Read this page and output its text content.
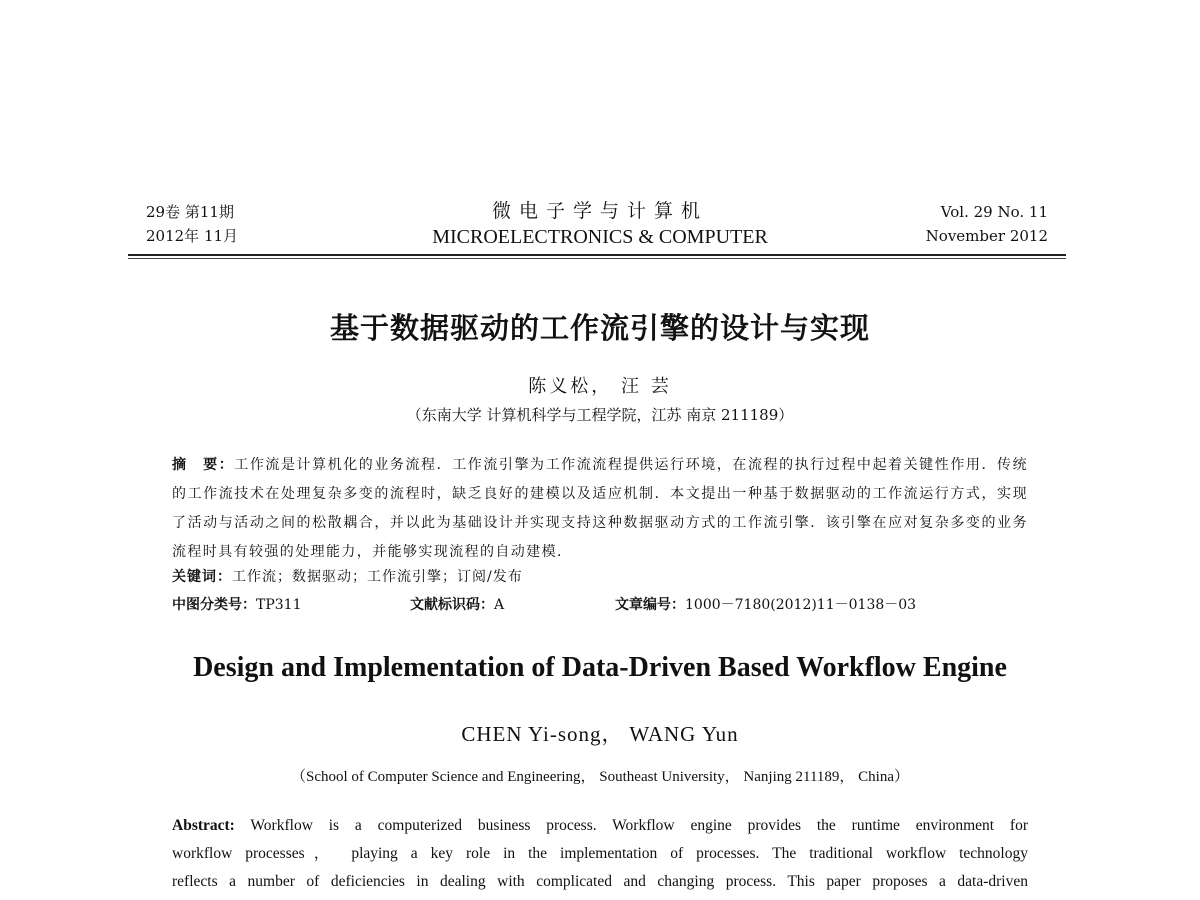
29卷 第11期
2012年 11月
微电子学与计算机
MICROELECTRONICS & COMPUTER
Vol. 29 No. 11
November 2012
基于数据驱动的工作流引擎的设计与实现
陈义松， 汪 芸
（东南大学 计算机科学与工程学院，江苏 南京 211189）
摘　要：工作流是计算机化的业务流程．工作流引擎为工作流流程提供运行环境，在流程的执行过程中起着关键性作用．传统的工作流技术在处理复杂多变的流程时，缺乏良好的建模以及适应机制．本文提出一种基于数据驱动的工作流运行方式，实现了活动与活动之间的松散耦合，并以此为基础设计并实现支持这种数据驱动方式的工作流引擎．该引擎在应对复杂多变的业务流程时具有较强的处理能力，并能够实现流程的自动建模．
关键词：工作流；数据驱动；工作流引擎；订阅/发布
中图分类号：TP311	文献标识码：A	文章编号：1000－7180(2012)11－0138－03
Design and Implementation of Data-Driven Based Workflow Engine
CHEN Yi-song， WANG Yun
（School of Computer Science and Engineering， Southeast University， Nanjing 211189， China）
Abstract: Workflow is a computerized business process. Workflow engine provides the runtime environment for
workflow processes， playing a key role in the implementation of processes. The traditional workflow technology
reflects a number of deficiencies in dealing with complicated and changing process. This paper proposes a data-driven
